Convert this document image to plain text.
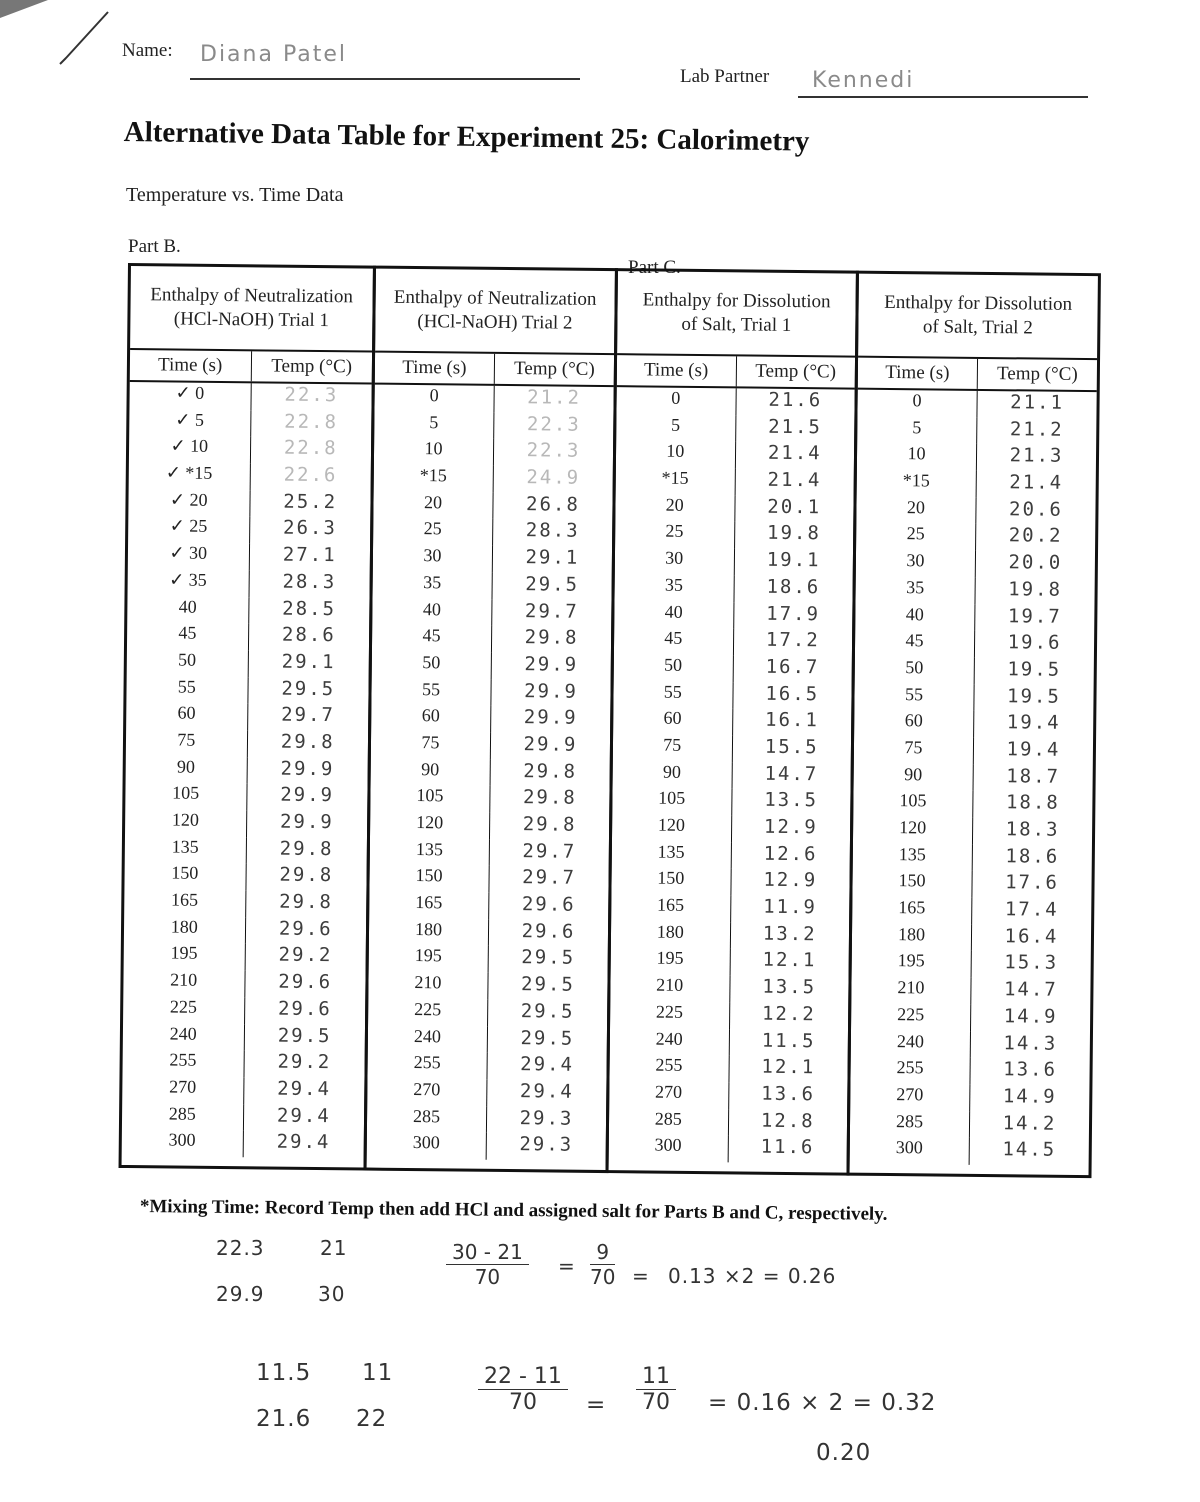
Name: Diana Patel
Lab Partner Kennedi
Alternative Data Table for Experiment 25: Calorimetry
Temperature vs. Time Data
Part B.
Part C.
Enthalpy of Neutralization (HCl-NaOH) Trial 1
Time (s)	Temp (°C)
✓ 0	22.3
✓ 5	22.8
✓ 10	22.8
✓ *15	22.6
✓ 20	25.2
✓ 25	26.3
✓ 30	27.1
✓ 35	28.3
40	28.5
45	28.6
50	29.1
55	29.5
60	29.7
75	29.8
90	29.9
105	29.9
120	29.9
135	29.8
150	29.8
165	29.8
180	29.6
195	29.2
210	29.6
225	29.6
240	29.5
255	29.2
270	29.4
285	29.4
300	29.4
Enthalpy of Neutralization (HCl-NaOH) Trial 2
Time (s)	Temp (°C)
0	21.2
5	22.3
10	22.3
*15	24.9
20	26.8
25	28.3
30	29.1
35	29.5
40	29.7
45	29.8
50	29.9
55	29.9
60	29.9
75	29.9
90	29.8
105	29.8
120	29.8
135	29.7
150	29.7
165	29.6
180	29.6
195	29.5
210	29.5
225	29.5
240	29.5
255	29.4
270	29.4
285	29.3
300	29.3
Enthalpy for Dissolution of Salt, Trial 1
Time (s)	Temp (°C)
0	21.6
5	21.5
10	21.4
*15	21.4
20	20.1
25	19.8
30	19.1
35	18.6
40	17.9
45	17.2
50	16.7
55	16.5
60	16.1
75	15.5
90	14.7
105	13.5
120	12.9
135	12.6
150	12.9
165	11.9
180	13.2
195	12.1
210	13.5
225	12.2
240	11.5
255	12.1
270	13.6
285	12.8
300	11.6
Enthalpy for Dissolution of Salt, Trial 2
Time (s)	Temp (°C)
0	21.1
5	21.2
10	21.3
*15	21.4
20	20.6
25	20.2
30	20.0
35	19.8
40	19.7
45	19.6
50	19.5
55	19.5
60	19.4
75	19.4
90	18.7
105	18.8
120	18.3
135	18.6
150	17.6
165	17.4
180	16.4
195	15.3
210	14.7
225	14.9
240	14.3
255	13.6
270	14.9
285	14.2
300	14.5
*Mixing Time: Record Temp then add HCl and assigned salt for Parts B and C, respectively.
22.3	21
29.9	30
$\frac{30 - 21}{70} = \frac{9}{70} = 0.13 \times 2 = 0.26$
11.5 11
21.6 22
$\frac{22 - 11}{70} = \frac{11}{70} = 0.16 \times 2 = 0.32$
0.20
